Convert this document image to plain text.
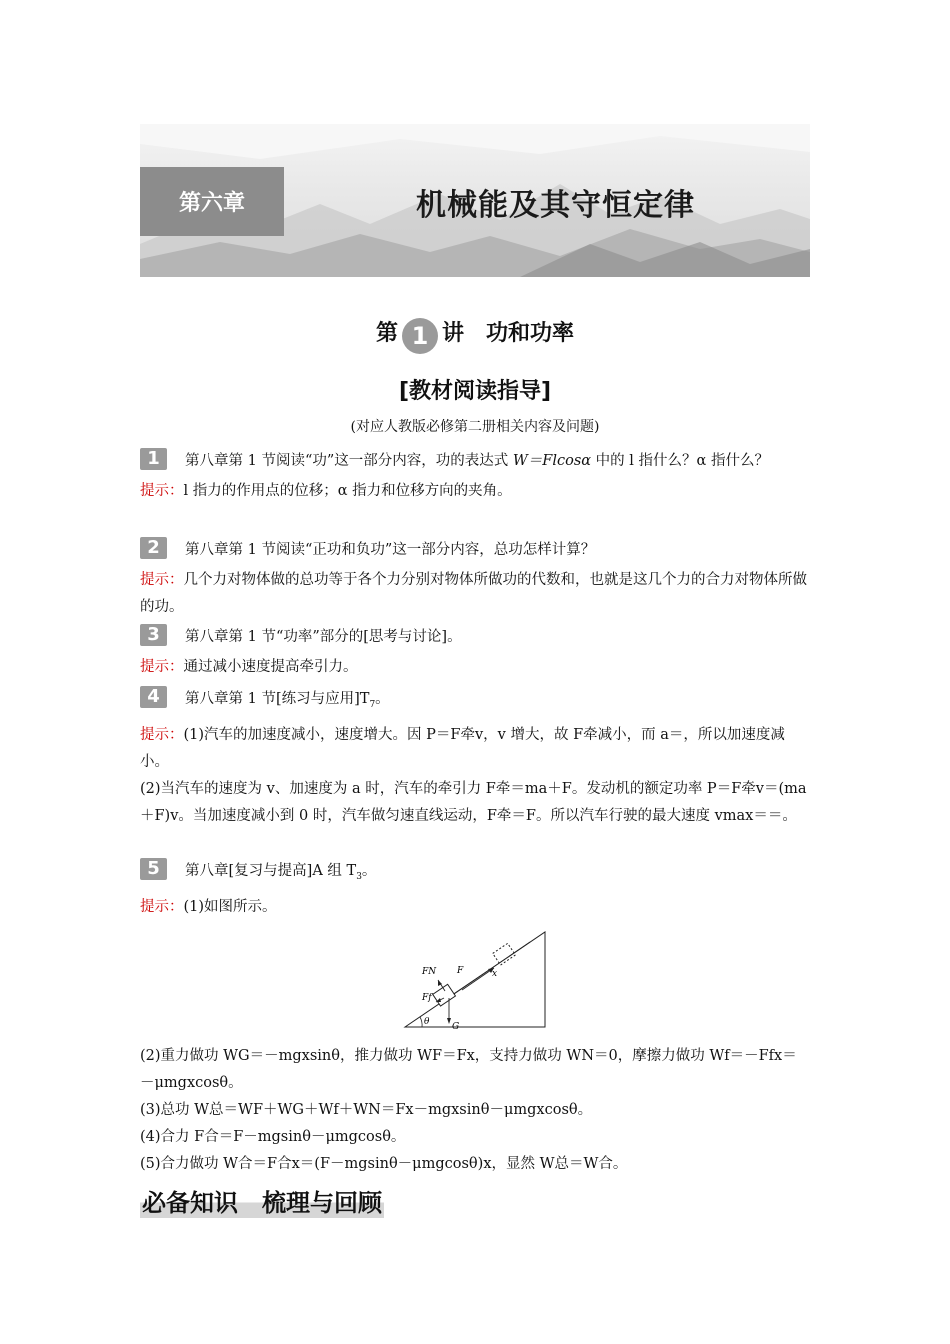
第六章	机械能及其守恒定律
第 1 讲　功和功率
[教材阅读指导]
(对应人教版必修第二册相关内容及问题)
1 第八章第 1 节阅读“功”这一部分内容，功的表达式 W＝Flcosα 中的 l 指什么？α 指什么？
提示：l 指力的作用点的位移；α 指力和位移方向的夹角。
2 第八章第 1 节阅读“正功和负功”这一部分内容，总功怎样计算？
提示：几个力对物体做的总功等于各个力分别对物体所做功的代数和，也就是这几个力的合力对物体所做的功。
3 第八章第 1 节“功率”部分的[思考与讨论]。
提示：通过减小速度提高牵引力。
4 第八章第 1 节[练习与应用]$T_7$。
提示：(1)汽车的加速度减小，速度增大。因 P＝F牵v，v 增大，故 F牵减小，而 a＝，所以加速度减小。
(2)当汽车的速度为 v、加速度为 a 时，汽车的牵引力 F牵＝ma＋F。发动机的额定功率 P＝F牵v＝(ma＋F)v。当加速度减小到 0 时，汽车做匀速直线运动，F牵＝F。所以汽车行驶的最大速度 vmax＝＝。
5 第八章[复习与提高]A 组 $T_3$。
提示：(1)如图所示。
θ
FN F
Ff
G
x
(2)重力做功 WG＝－mgxsinθ，推力做功 WF＝Fx，支持力做功 WN＝0，摩擦力做功 Wf＝－Ffx＝－μmgxcosθ。
(3)总功 W总＝WF＋WG＋Wf＋WN＝Fx－mgxsinθ－μmgxcosθ。
(4)合力 F合＝F－mgsinθ－μmgcosθ。
(5)合力做功 W合＝F合x＝(F－mgsinθ－μmgcosθ)x，显然 W总＝W合。
必备知识　梳理与回顾
